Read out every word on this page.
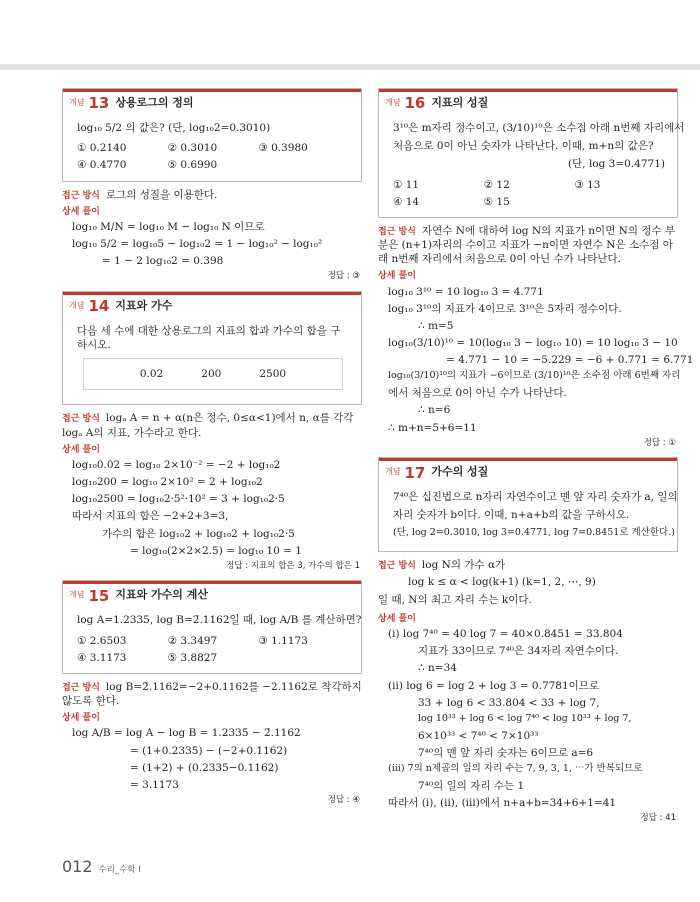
개념 13 상용로그의 정의
log₁₀ 5/2 의 값은? (단, log₁₀2=0.3010)
① 0.2140	② 0.3010	③ 0.3980
④ 0.4770	⑤ 0.6990
접근 방식 로그의 성질을 이용한다.
상세 풀이
log₁₀ M/N = log₁₀ M − log₁₀ N 이므로
log₁₀ 5/2 = log₁₀5 − log₁₀2 = 1 − log₁₀² − log₁₀²
= 1 − 2 log₁₀2 = 0.398
정답 : ③
개념 14 지표와 가수
다음 세 수에 대한 상용로그의 지표의 합과 가수의 합을 구하시오.
0.02	200	2500
접근 방식 logₐ A = n + α(n은 정수, 0≤α<1)에서 n, α를 각각 logₐ A의 지표, 가수라고 한다.
상세 풀이
log₁₀0.02 = log₁₀ 2×10⁻² = −2 + log₁₀2
log₁₀200 = log₁₀ 2×10² = 2 + log₁₀2
log₁₀2500 = log₁₀2·5²·10² = 3 + log₁₀2·5
따라서 지표의 합은 −2+2+3=3,
가수의 합은 log₁₀2 + log₁₀2 + log₁₀2·5
= log₁₀(2×2×2.5) = log₁₀ 10 = 1
정답 : 지표의 합은 3, 가수의 합은 1
개념 15 지표와 가수의 계산
log A=1.2335, log B=2̄.1162일 때, log A/B 를 계산하면?
① 2.6503	② 3.3497	③ 1.1173
④ 3.1173	⑤ 3.8827
접근 방식 log B=2̄.1162=−2+0.1162를 −2.1162로 착각하지 않도록 한다.
상세 풀이
log A/B = log A − log B = 1.2335 − 2̄.1162
= (1+0.2335) − (−2+0.1162)
= (1+2) + (0.2335−0.1162)
= 3.1173
정답 : ④
개념 16 지표의 성질
3¹⁰은 m자리 정수이고, (3/10)¹⁰은 소수점 아래 n번째 자리에서
처음으로 0이 아닌 숫자가 나타난다. 이때, m+n의 값은?
(단, log 3=0.4771)
① 11	② 12	③ 13
④ 14	⑤ 15
접근 방식 자연수 N에 대하여 log N의 지표가 n이면 N의 정수 부분은 (n+1)자리의 수이고 지표가 −n이면 자연수 N은 소수점 아래 n번째 자리에서 처음으로 0이 아닌 수가 나타난다.
상세 풀이
log₁₀ 3¹⁰ = 10 log₁₀ 3 = 4.771
log₁₀ 3¹⁰의 지표가 4이므로 3¹⁰은 5자리 정수이다.
∴ m=5
log₁₀(3/10)¹⁰ = 10(log₁₀ 3 − log₁₀ 10) = 10 log₁₀ 3 − 10
= 4.771 − 10 = −5.229 = −6 + 0.771 = 6̄.771
log₁₀(3/10)¹⁰의 지표가 −6이므로 (3/10)¹⁰은 소수점 아래 6번째 자리
에서 처음으로 0이 아닌 수가 나타난다.
∴ n=6
∴ m+n=5+6=11
정답 : ①
개념 17 가수의 성질
7⁴⁰은 십진법으로 n자리 자연수이고 맨 앞 자리 숫자가 a, 일의
자리 숫자가 b이다. 이때, n+a+b의 값을 구하시오.
(단, log 2=0.3010, log 3=0.4771, log 7=0.8451로 계산한다.)
접근 방식 log N의 가수 α가
log k ≤ α < log(k+1) (k=1, 2, ⋯, 9)
일 때, N의 최고 자리 수는 k이다.
상세 풀이
(i) log 7⁴⁰ = 40 log 7 = 40×0.8451 = 33.804
지표가 33이므로 7⁴⁰은 34자리 자연수이다.
∴ n=34
(ii) log 6 = log 2 + log 3 = 0.7781이므로
33 + log 6 < 33.804 < 33 + log 7,
log 10³³ + log 6 < log 7⁴⁰ < log 10³³ + log 7,
6×10³³ < 7⁴⁰ < 7×10³³
7⁴⁰의 맨 앞 자리 숫자는 6이므로 a=6
(iii) 7의 n제곱의 일의 자리 수는 7, 9, 3, 1, ⋯가 반복되므로
7⁴⁰의 일의 자리 수는 1
따라서 (i), (ii), (iii)에서 n+a+b=34+6+1=41
정답 : 41
012 수리_수학 I
